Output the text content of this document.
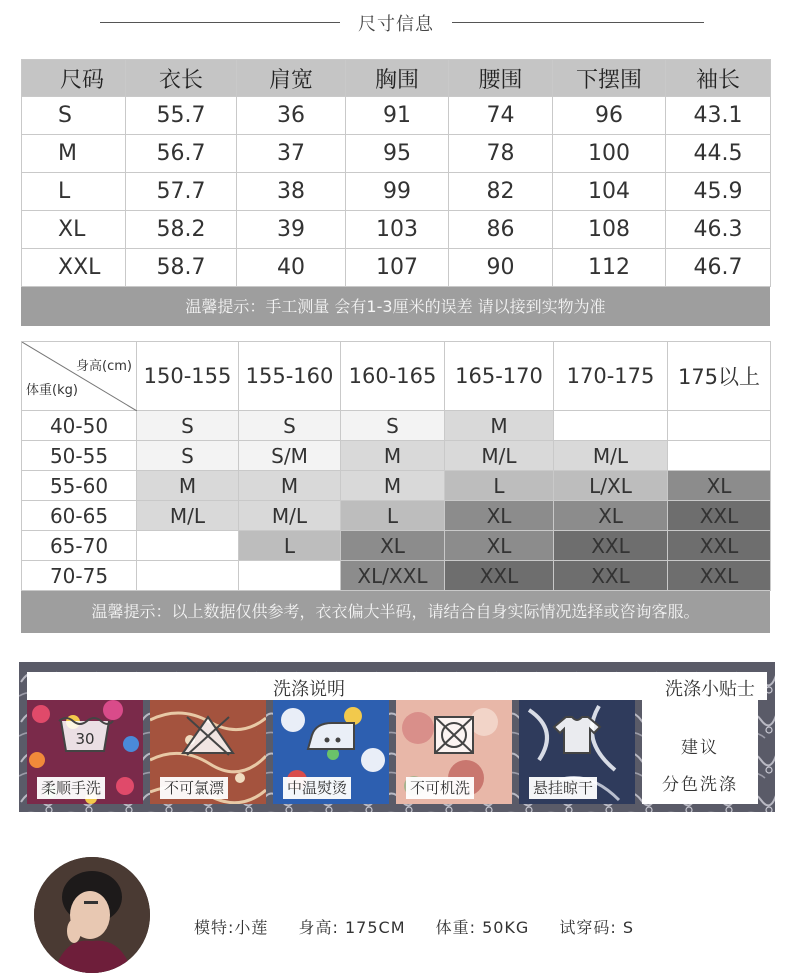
尺寸信息
尺码	衣长	肩宽	胸围	腰围	下摆围	袖长
S	55.7	36	91	74	96	43.1
M	56.7	37	95	78	100	44.5
L	57.7	38	99	82	104	45.9
XL	58.2	39	103	86	108	46.3
XXL	58.7	40	107	90	112	46.7
温馨提示：手工测量 会有1-3厘米的误差 请以接到实物为准
身高(cm)
体重(kg)	150-155	155-160	160-165	165-170	170-175	175以上
40-50	S	S	S	M		
50-55	S	S/M	M	M/L	M/L	
55-60	M	M	M	L	L/XL	XL
60-65	M/L	M/L	L	XL	XL	XXL
65-70		L	XL	XL	XXL	XXL
70-75			XL/XXL	XXL	XXL	XXL
温馨提示：以上数据仅供参考，衣衣偏大半码，请结合自身实际情况选择或咨询客服。
洗涤说明	洗涤小贴士
30
柔顺手洗	不可氯漂	中温熨烫	不可机洗	悬挂晾干
建议
分色洗涤
模特:小莲 身高: 175CM 体重: 50KG 试穿码: S
